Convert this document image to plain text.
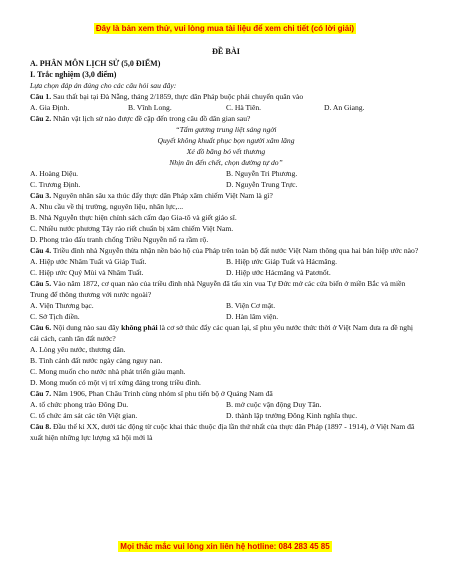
Đây là bản xem thử, vui lòng mua tài liệu để xem chi tiết (có lời giải)

ĐỀ BÀI

A. PHÂN MÔN LỊCH SỬ (5,0 ĐIỂM)

I. Trắc nghiệm (3,0 điểm)

Lựa chọn đáp án đúng cho các câu hỏi sau đây:

Câu 1. Sau thất bại tại Đà Nẵng, tháng 2/1859, thực dân Pháp buộc phải chuyển quân vào

A. Gia Định.	B. Vĩnh Long.	C. Hà Tiên.	D. An Giang.

Câu 2. Nhân vật lịch sử nào được đề cập đến trong câu đồ dân gian sau?

“Tấm gương trung liệt sáng ngời

Quyết không khuất phục bọn người xâm lăng

Xé đồ băng bó vết thương

Nhịn ăn đến chết, chọn đường tự do”

A. Hoàng Diệu.	B. Nguyễn Tri Phương.
C. Trương Định.	D. Nguyễn Trung Trực.

Câu 3. Nguyên nhân sâu xa thúc đẩy thực dân Pháp xâm chiếm Việt Nam là gì?

A. Nhu cầu về thị trường, nguyên liệu, nhân lực,...

B. Nhà Nguyễn thực hiện chính sách cấm đạo Gia-tô và giết giáo sĩ.

C. Nhiều nước phương Tây rảo riết chuẩn bị xâm chiếm Việt Nam.

D. Phong trào đấu tranh chống Triều Nguyễn nổ ra rầm rộ.

Câu 4. Triều đình nhà Nguyễn thừa nhận nền bảo hộ của Pháp trên toàn bộ đất nước Việt Nam thông qua hai bản hiệp ước nào?

A. Hiệp ước Nhâm Tuất và Giáp Tuất.	B. Hiệp ước Giáp Tuất và Hácmăng.
C. Hiệp ước Quý Mùi và Nhâm Tuất.	D. Hiệp ước Hácmăng và Patơnốt.

Câu 5. Vào năm 1872, cơ quan nào của triều đình nhà Nguyễn đã tấu xin vua Tự Đức mở các cửa biển ở miền Bắc và miền Trung để thông thương với nước ngoài?

A. Viện Thương bạc.	B. Viện Cơ mật.
C. Sở Tịch điền.	D. Hàn lâm viện.

Câu 6. Nội dung nào sau đây không phải là cơ sở thúc đẩy các quan lại, sĩ phu yêu nước thức thời ở Việt Nam đưa ra đề nghị cải cách, canh tân đất nước?

A. Lòng yêu nước, thương dân.

B. Tình cảnh đất nước ngày càng nguy nan.

C. Mong muốn cho nước nhà phát triển giàu mạnh.

D. Mong muốn có một vị trí xứng đáng trong triều đình.

Câu 7. Năm 1906, Phan Châu Trinh cùng nhóm sĩ phu tiến bộ ở Quảng Nam đã

A. tổ chức phong trào Đông Du.	B. mở cuộc vận động Duy Tân.
C. tổ chức ám sát các tên Việt gian.	D. thành lập trường Đông Kinh nghĩa thục.

Câu 8. Đầu thế kỉ XX, dưới tác động từ cuộc khai thác thuộc địa lần thứ nhất của thực dân Pháp (1897 - 1914), ở Việt Nam đã xuất hiện những lực lượng xã hội mới là

Mọi thắc mắc vui lòng xin liên hệ hotline: 084 283 45 85
